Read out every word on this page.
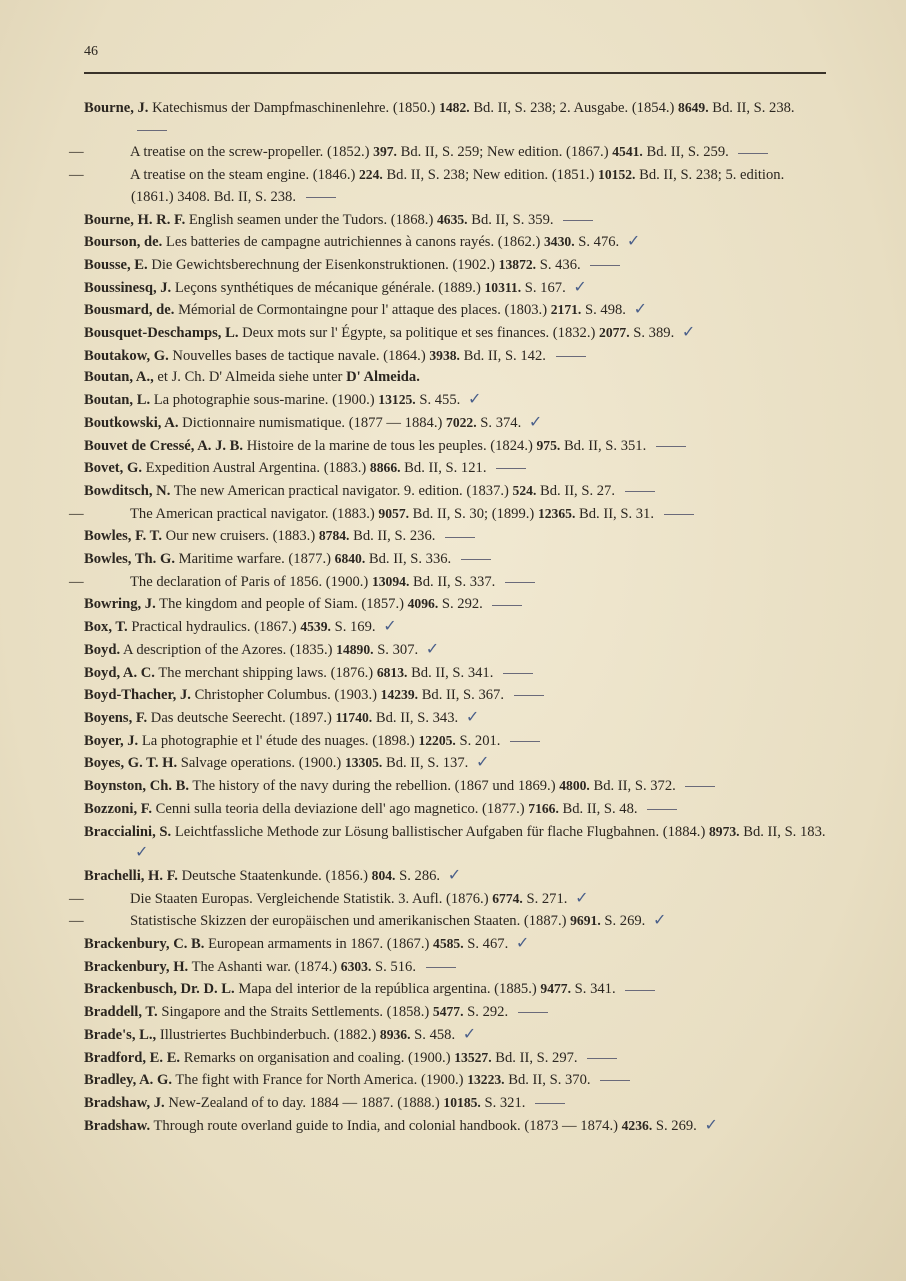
46

Bourne, J. Katechismus der Dampfmaschinenlehre. (1850.) 1482. Bd. II, S. 238; 2. Ausgabe. (1854.) 8649. Bd. II, S. 238.

—	A treatise on the screw-propeller. (1852.) 397. Bd. II, S. 259; New edition. (1867.) 4541. Bd. II, S. 259.

—	A treatise on the steam engine. (1846.) 224. Bd. II, S. 238; New edition. (1851.) 10152. Bd. II, S. 238; 5. edition. (1861.) 3408. Bd. II, S. 238.

Bourne, H. R. F. English seamen under the Tudors. (1868.) 4635. Bd. II, S. 359.

Bourson, de. Les batteries de campagne autrichiennes à canons rayés. (1862.) 3430. S. 476. ✓

Bousse, E. Die Gewichtsberechnung der Eisenkonstruktionen. (1902.) 13872. S. 436.

Boussinesq, J. Leçons synthétiques de mécanique générale. (1889.) 10311. S. 167. ✓

Bousmard, de. Mémorial de Cormontaingne pour l' attaque des places. (1803.) 2171. S. 498. ✓

Bousquet-Deschamps, L. Deux mots sur l' Égypte, sa politique et ses finances. (1832.) 2077. S. 389. ✓

Boutakow, G. Nouvelles bases de tactique navale. (1864.) 3938. Bd. II, S. 142.

Boutan, A., et J. Ch. D' Almeida siehe unter D' Almeida.

Boutan, L. La photographie sous-marine. (1900.) 13125. S. 455. ✓

Boutkowski, A. Dictionnaire numismatique. (1877 — 1884.) 7022. S. 374. ✓

Bouvet de Cressé, A. J. B. Histoire de la marine de tous les peuples. (1824.) 975. Bd. II, S. 351.

Bovet, G. Expedition Austral Argentina. (1883.) 8866. Bd. II, S. 121.

Bowditsch, N. The new American practical navigator. 9. edition. (1837.) 524. Bd. II, S. 27.

—	The American practical navigator. (1883.) 9057. Bd. II, S. 30; (1899.) 12365. Bd. II, S. 31.

Bowles, F. T. Our new cruisers. (1883.) 8784. Bd. II, S. 236.

Bowles, Th. G. Maritime warfare. (1877.) 6840. Bd. II, S. 336.

—	The declaration of Paris of 1856. (1900.) 13094. Bd. II, S. 337.

Bowring, J. The kingdom and people of Siam. (1857.) 4096. S. 292.

Box, T. Practical hydraulics. (1867.) 4539. S. 169. ✓

Boyd. A description of the Azores. (1835.) 14890. S. 307. ✓

Boyd, A. C. The merchant shipping laws. (1876.) 6813. Bd. II, S. 341.

Boyd-Thacher, J. Christopher Columbus. (1903.) 14239. Bd. II, S. 367.

Boyens, F. Das deutsche Seerecht. (1897.) 11740. Bd. II, S. 343. ✓

Boyer, J. La photographie et l' étude des nuages. (1898.) 12205. S. 201.

Boyes, G. T. H. Salvage operations. (1900.) 13305. Bd. II, S. 137. ✓

Boynston, Ch. B. The history of the navy during the rebellion. (1867 und 1869.) 4800. Bd. II, S. 372.

Bozzoni, F. Cenni sulla teoria della deviazione dell' ago magnetico. (1877.) 7166. Bd. II, S. 48.

Braccialini, S. Leichtfassliche Methode zur Lösung ballistischer Aufgaben für flache Flugbahnen. (1884.) 8973. Bd. II, S. 183. ✓

Brachelli, H. F. Deutsche Staatenkunde. (1856.) 804. S. 286. ✓

—	Die Staaten Europas. Vergleichende Statistik. 3. Aufl. (1876.) 6774. S. 271. ✓

—	Statistische Skizzen der europäischen und amerikanischen Staaten. (1887.) 9691. S. 269. ✓

Brackenbury, C. B. European armaments in 1867. (1867.) 4585. S. 467. ✓

Brackenbury, H. The Ashanti war. (1874.) 6303. S. 516.

Brackenbusch, Dr. D. L. Mapa del interior de la república argentina. (1885.) 9477. S. 341.

Braddell, T. Singapore and the Straits Settlements. (1858.) 5477. S. 292.

Brade's, L., Illustriertes Buchbinderbuch. (1882.) 8936. S. 458. ✓

Bradford, E. E. Remarks on organisation and coaling. (1900.) 13527. Bd. II, S. 297.

Bradley, A. G. The fight with France for North America. (1900.) 13223. Bd. II, S. 370.

Bradshaw, J. New-Zealand of to day. 1884 — 1887. (1888.) 10185. S. 321.

Bradshaw. Through route overland guide to India, and colonial handbook. (1873 — 1874.) 4236. S. 269. ✓
